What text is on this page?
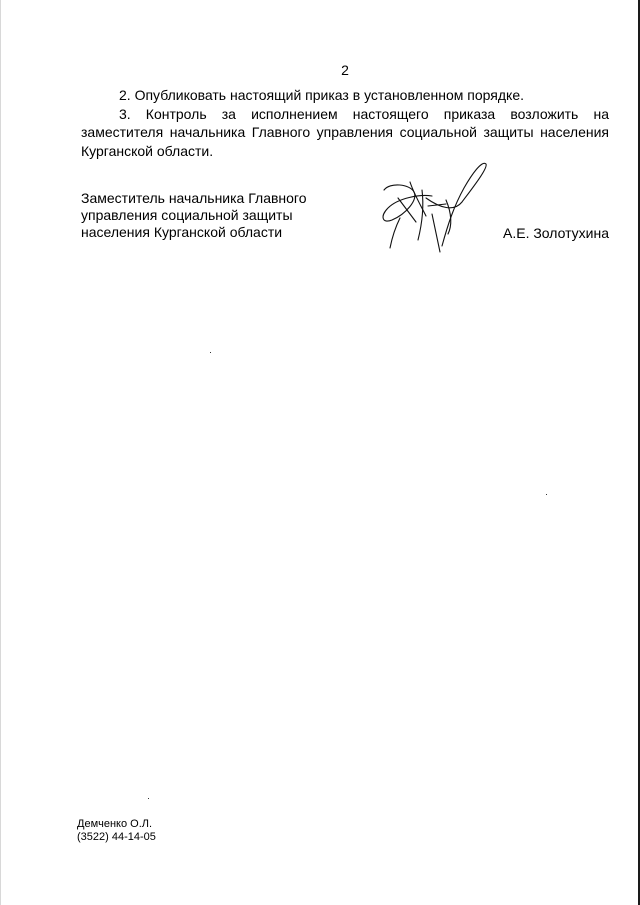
2

2. Опубликовать настоящий приказ в установленном порядке.

3. Контроль за исполнением настоящего приказа возложить на

заместителя начальника Главного управления социальной защиты населения Курганской области.

Заместитель начальника Главного
управления социальной защиты
населения Курганской области	А.Е. Золотухина
Демченко О.Л.
(3522) 44-14-05
